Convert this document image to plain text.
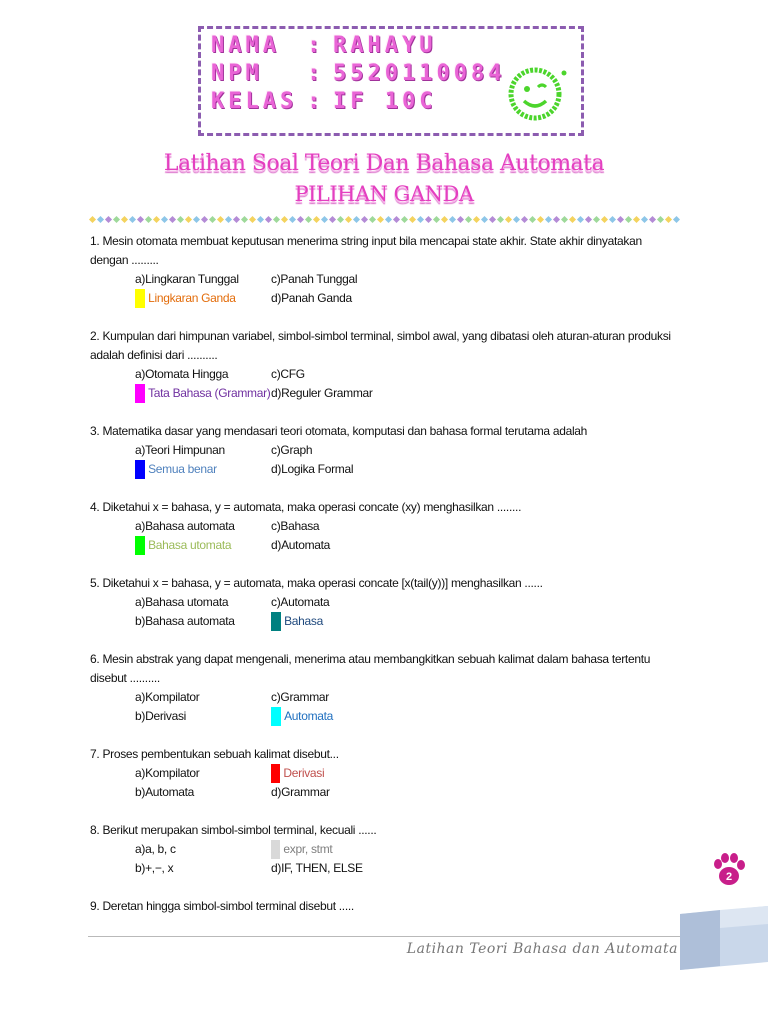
NAMA : RAHAYU
NPM : 5520110084
KELAS : IF 10C
Latihan Soal Teori Dan Bahasa Automata
PILIHAN GANDA

1. Mesin otomata membuat keputusan menerima string input bila mencapai state akhir. State akhir dinyatakan dengan .........

a)Lingkaran Tunggal	c)Panah Tunggal
b) Lingkaran Ganda	d)Panah Ganda

2. Kumpulan dari himpunan variabel, simbol-simbol terminal, simbol awal, yang dibatasi oleh aturan-aturan produksi adalah definisi dari ..........

a)Otomata Hingga	c)CFG
b) Tata Bahasa (Grammar) d)Reguler Grammar

3. Matematika dasar yang mendasari teori otomata, komputasi dan bahasa formal terutama adalah

a)Teori Himpunan	c)Graph
b) Semua benar	d)Logika Formal

4. Diketahui x = bahasa, y = automata, maka operasi concate (xy) menghasilkan ........

a)Bahasa automata	c)Bahasa
b) Bahasa utomata	d)Automata

5. Diketahui x = bahasa, y = automata, maka operasi concate [x(tail(y))] menghasilkan ......

a)Bahasa utomata	c)Automata
b)Bahasa automata	d) Bahasa

6. Mesin abstrak yang dapat mengenali, menerima atau membangkitkan sebuah kalimat dalam bahasa tertentu disebut ..........

a)Kompilator	c)Grammar
b)Derivasi	d) Automata

7. Proses pembentukan sebuah kalimat disebut...

a)Kompilator	c) Derivasi
b)Automata	d)Grammar

8. Berikut merupakan simbol-simbol terminal, kecuali ......

a)a, b, c	c) expr, stmt
b)+,−, x	d)IF, THEN, ELSE

9. Deretan hingga simbol-simbol terminal disebut .....

2
Latihan Teori Bahasa dan Automata
